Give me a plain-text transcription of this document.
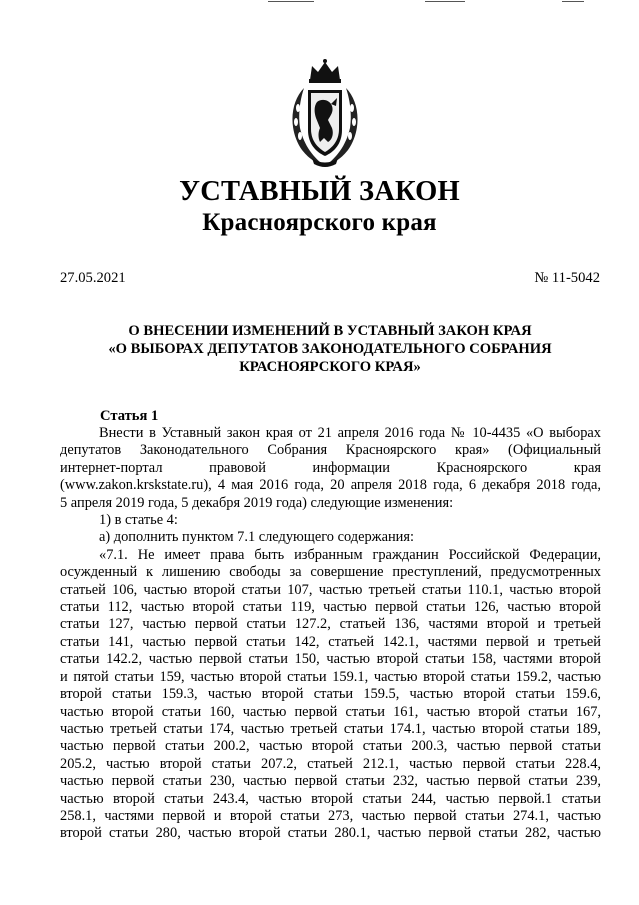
УСТАВНЫЙ ЗАКОН
Красноярского края
27.05.2021	№ 11-5042
О ВНЕСЕНИИ ИЗМЕНЕНИЙ В УСТАВНЫЙ ЗАКОН КРАЯ
«О ВЫБОРАХ ДЕПУТАТОВ ЗАКОНОДАТЕЛЬНОГО СОБРАНИЯ
КРАСНОЯРСКОГО КРАЯ»
Статья 1
Внести в Уставный закон края от 21 апреля 2016 года № 10-4435 «О выборах
депутатов Законодательного Собрания Красноярского края» (Официальный
интернет-портал правовой информации Красноярского края
(www.zakon.krskstate.ru), 4 мая 2016 года, 20 апреля 2018 года, 6 декабря 2018 года,
5 апреля 2019 года, 5 декабря 2019 года) следующие изменения:
1) в статье 4:
а) дополнить пунктом 7.1 следующего содержания:
«7.1. Не имеет права быть избранным гражданин Российской Федерации,
осужденный к лишению свободы за совершение преступлений, предусмотренных
статьей 106, частью второй статьи 107, частью третьей статьи 110.1, частью второй
статьи 112, частью второй статьи 119, частью первой статьи 126, частью второй
статьи 127, частью первой статьи 127.2, статьей 136, частями второй и третьей
статьи 141, частью первой статьи 142, статьей 142.1, частями первой и третьей
статьи 142.2, частью первой статьи 150, частью второй статьи 158, частями второй
и пятой статьи 159, частью второй статьи 159.1, частью второй статьи 159.2, частью
второй статьи 159.3, частью второй статьи 159.5, частью второй статьи 159.6,
частью второй статьи 160, частью первой статьи 161, частью второй статьи 167,
частью третьей статьи 174, частью третьей статьи 174.1, частью второй статьи 189,
частью первой статьи 200.2, частью второй статьи 200.3, частью первой статьи
205.2, частью второй статьи 207.2, статьей 212.1, частью первой статьи 228.4,
частью первой статьи 230, частью первой статьи 232, частью первой статьи 239,
частью второй статьи 243.4, частью второй статьи 244, частью первой.1 статьи
258.1, частями первой и второй статьи 273, частью первой статьи 274.1, частью
второй статьи 280, частью второй статьи 280.1, частью первой статьи 282, частью
